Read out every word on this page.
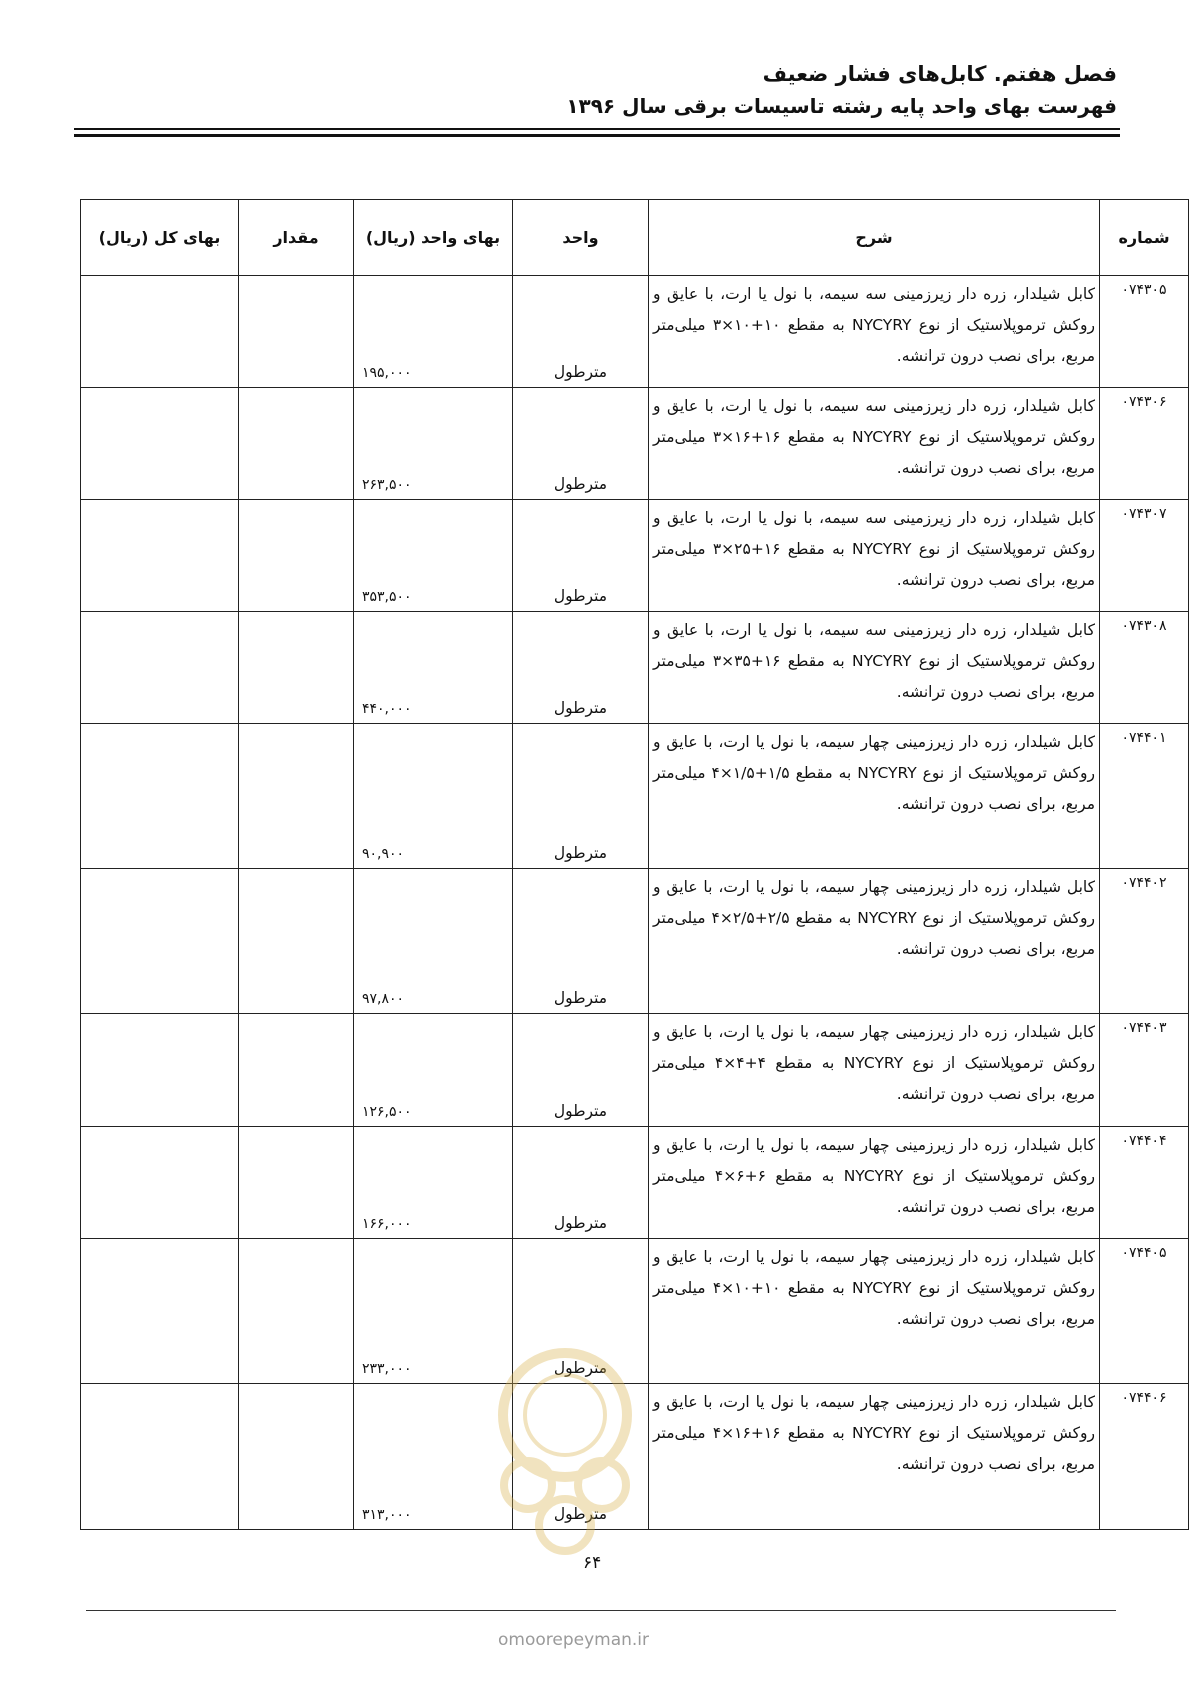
فصل هفتم. کابل‌های فشار ضعیف
فهرست بهای واحد پایه رشته تاسیسات برقی سال ۱۳۹۶
شماره	شرح	واحد	بهای واحد (ریال)	مقدار	بهای کل (ریال)
۰۷۴۳۰۵	کابل شیلدار، زره دار زیرزمینی سه سیمه، با نول یا ارت، با عایق و روکش ترموپلاستیک از نوع NYCYRY به مقطع ۱۰+۱۰×۳ میلی‌متر مربع، برای نصب درون ترانشه.	مترطول	۱۹۵,۰۰۰		
۰۷۴۳۰۶	کابل شیلدار، زره دار زیرزمینی سه سیمه، با نول یا ارت، با عایق و روکش ترموپلاستیک از نوع NYCYRY به مقطع ۱۶+۱۶×۳ میلی‌متر مربع، برای نصب درون ترانشه.	مترطول	۲۶۳,۵۰۰		
۰۷۴۳۰۷	کابل شیلدار، زره دار زیرزمینی سه سیمه، با نول یا ارت، با عایق و روکش ترموپلاستیک از نوع NYCYRY به مقطع ۱۶+۲۵×۳ میلی‌متر مربع، برای نصب درون ترانشه.	مترطول	۳۵۳,۵۰۰		
۰۷۴۳۰۸	کابل شیلدار، زره دار زیرزمینی سه سیمه، با نول یا ارت، با عایق و روکش ترموپلاستیک از نوع NYCYRY به مقطع ۱۶+۳۵×۳ میلی‌متر مربع، برای نصب درون ترانشه.	مترطول	۴۴۰,۰۰۰		
۰۷۴۴۰۱	کابل شیلدار، زره دار زیرزمینی چهار سیمه، با نول یا ارت، با عایق و روکش ترموپلاستیک از نوع NYCYRY به مقطع ۱/۵+۱/۵×۴ میلی‌متر مربع، برای نصب درون ترانشه.	مترطول	۹۰,۹۰۰		
۰۷۴۴۰۲	کابل شیلدار، زره دار زیرزمینی چهار سیمه، با نول یا ارت، با عایق و روکش ترموپلاستیک از نوع NYCYRY به مقطع ۲/۵+۲/۵×۴ میلی‌متر مربع، برای نصب درون ترانشه.	مترطول	۹۷,۸۰۰		
۰۷۴۴۰۳	کابل شیلدار، زره دار زیرزمینی چهار سیمه، با نول یا ارت، با عایق و روکش ترموپلاستیک از نوع NYCYRY به مقطع ۴+۴×۴ میلی‌متر مربع، برای نصب درون ترانشه.	مترطول	۱۲۶,۵۰۰		
۰۷۴۴۰۴	کابل شیلدار، زره دار زیرزمینی چهار سیمه، با نول یا ارت، با عایق و روکش ترموپلاستیک از نوع NYCYRY به مقطع ۶+۶×۴ میلی‌متر مربع، برای نصب درون ترانشه.	مترطول	۱۶۶,۰۰۰		
۰۷۴۴۰۵	کابل شیلدار، زره دار زیرزمینی چهار سیمه، با نول یا ارت، با عایق و روکش ترموپلاستیک از نوع NYCYRY به مقطع ۱۰+۱۰×۴ میلی‌متر مربع، برای نصب درون ترانشه.	مترطول	۲۳۳,۰۰۰		
۰۷۴۴۰۶	کابل شیلدار، زره دار زیرزمینی چهار سیمه، با نول یا ارت، با عایق و روکش ترموپلاستیک از نوع NYCYRY به مقطع ۱۶+۱۶×۴ میلی‌متر مربع، برای نصب درون ترانشه.	مترطول	۳۱۳,۰۰۰		
۶۴
omoorepeyman.ir
